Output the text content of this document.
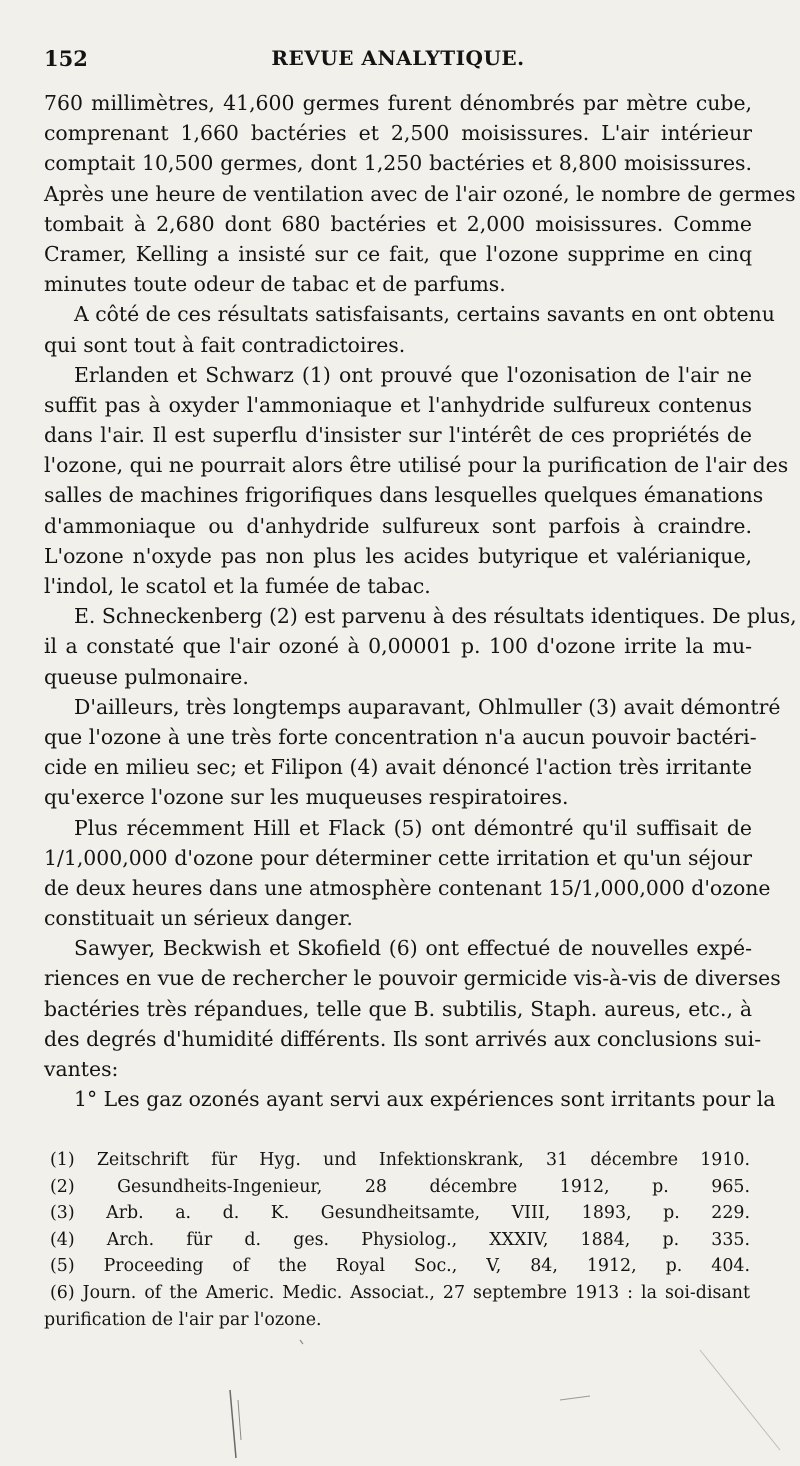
152	REVUE ANALYTIQUE.
760 millimètres, 41,600 germes furent dénombrés par mètre cube,
comprenant 1,660 bactéries et 2,500 moisissures. L'air intérieur
comptait 10,500 germes, dont 1,250 bactéries et 8,800 moisissures.
Après une heure de ventilation avec de l'air ozoné, le nombre de germes
tombait à 2,680 dont 680 bactéries et 2,000 moisissures. Comme
Cramer, Kelling a insisté sur ce fait, que l'ozone supprime en cinq
minutes toute odeur de tabac et de parfums.
A côté de ces résultats satisfaisants, certains savants en ont obtenu
qui sont tout à fait contradictoires.
Erlanden et Schwarz (1) ont prouvé que l'ozonisation de l'air ne
suffit pas à oxyder l'ammoniaque et l'anhydride sulfureux contenus
dans l'air. Il est superflu d'insister sur l'intérêt de ces propriétés de
l'ozone, qui ne pourrait alors être utilisé pour la purification de l'air des
salles de machines frigorifiques dans lesquelles quelques émanations
d'ammoniaque ou d'anhydride sulfureux sont parfois à craindre.
L'ozone n'oxyde pas non plus les acides butyrique et valérianique,
l'indol, le scatol et la fumée de tabac.
E. Schneckenberg (2) est parvenu à des résultats identiques. De plus,
il a constaté que l'air ozoné à 0,00001 p. 100 d'ozone irrite la mu-
queuse pulmonaire.
D'ailleurs, très longtemps auparavant, Ohlmuller (3) avait démontré
que l'ozone à une très forte concentration n'a aucun pouvoir bactéri-
cide en milieu sec; et Filipon (4) avait dénoncé l'action très irritante
qu'exerce l'ozone sur les muqueuses respiratoires.
Plus récemment Hill et Flack (5) ont démontré qu'il suffisait de
1/1,000,000 d'ozone pour déterminer cette irritation et qu'un séjour
de deux heures dans une atmosphère contenant 15/1,000,000 d'ozone
constituait un sérieux danger.
Sawyer, Beckwish et Skofield (6) ont effectué de nouvelles expé-
riences en vue de rechercher le pouvoir germicide vis-à-vis de diverses
bactéries très répandues, telle que B. subtilis, Staph. aureus, etc., à
des degrés d'humidité différents. Ils sont arrivés aux conclusions sui-
vantes:
1° Les gaz ozonés ayant servi aux expériences sont irritants pour la
(1) Zeitschrift für Hyg. und Infektionskrank, 31 décembre 1910.
(2) Gesundheits-Ingenieur, 28 décembre 1912, p. 965.
(3) Arb. a. d. K. Gesundheitsamte, VIII, 1893, p. 229.
(4) Arch. für d. ges. Physiolog., XXXIV, 1884, p. 335.
(5) Proceeding of the Royal Soc., V, 84, 1912, p. 404.
(6) Journ. of the Americ. Medic. Associat., 27 septembre 1913 : la soi-disant
purification de l'air par l'ozone.
